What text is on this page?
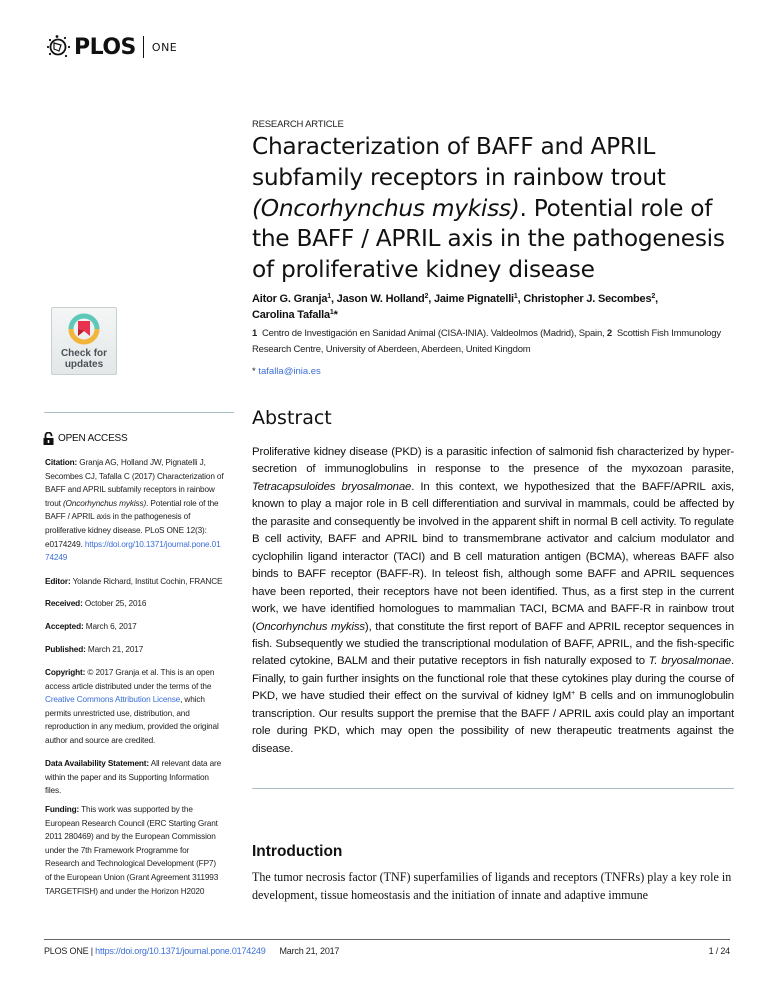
PLOS ONE
RESEARCH ARTICLE
Characterization of BAFF and APRIL subfamily receptors in rainbow trout (Oncorhynchus mykiss). Potential role of the BAFF / APRIL axis in the pathogenesis of proliferative kidney disease
Aitor G. Granja$^1$, Jason W. Holland$^2$, Jaime Pignatelli$^1$, Christopher J. Secombes$^2$,
Carolina Tafalla$^1$*
1 Centro de Investigación en Sanidad Animal (CISA-INIA). Valdeolmos (Madrid), Spain, 2 Scottish Fish Immunology Research Centre, University of Aberdeen, Aberdeen, United Kingdom
* tafalla@inia.es
Check for
updates
OPEN ACCESS
Citation: Granja AG, Holland JW, Pignatelli J, Secombes CJ, Tafalla C (2017) Characterization of BAFF and APRIL subfamily receptors in rainbow trout (Oncorhynchus mykiss). Potential role of the BAFF / APRIL axis in the pathogenesis of proliferative kidney disease. PLoS ONE 12(3): e0174249. https://doi.org/10.1371/journal.pone.0174249
Editor: Yolande Richard, Institut Cochin, FRANCE
Received: October 25, 2016
Accepted: March 6, 2017
Published: March 21, 2017
Copyright: © 2017 Granja et al. This is an open access article distributed under the terms of the Creative Commons Attribution License, which permits unrestricted use, distribution, and reproduction in any medium, provided the original author and source are credited.
Data Availability Statement: All relevant data are within the paper and its Supporting Information files.
Funding: This work was supported by the European Research Council (ERC Starting Grant 2011 280469) and by the European Commission under the 7th Framework Programme for Research and Technological Development (FP7) of the European Union (Grant Agreement 311993 TARGETFISH) and under the Horizon H2020
Abstract
Proliferative kidney disease (PKD) is a parasitic infection of salmonid fish characterized by hyper-secretion of immunoglobulins in response to the presence of the myxozoan parasite, Tetracapsuloides bryosalmonae. In this context, we hypothesized that the BAFF/APRIL axis, known to play a major role in B cell differentiation and survival in mammals, could be affected by the parasite and consequently be involved in the apparent shift in normal B cell activity. To regulate B cell activity, BAFF and APRIL bind to transmembrane activator and calcium modulator and cyclophilin ligand interactor (TACI) and B cell maturation antigen (BCMA), whereas BAFF also binds to BAFF receptor (BAFF-R). In teleost fish, although some BAFF and APRIL sequences have been reported, their receptors have not been identified. Thus, as a first step in the current work, we have identified homologues to mammalian TACI, BCMA and BAFF-R in rainbow trout (Oncorhynchus mykiss), that constitute the first report of BAFF and APRIL receptor sequences in fish. Subsequently we studied the transcriptional modulation of BAFF, APRIL, and the fish-specific related cytokine, BALM and their putative receptors in fish naturally exposed to T. bryosalmonae. Finally, to gain further insights on the functional role that these cytokines play during the course of PKD, we have studied their effect on the survival of kidney IgM+ B cells and on immunoglobulin transcription. Our results support the premise that the BAFF / APRIL axis could play an important role during PKD, which may open the possibility of new therapeutic treatments against the disease.
Introduction
The tumor necrosis factor (TNF) superfamilies of ligands and receptors (TNFRs) play a key role in development, tissue homeostasis and the initiation of innate and adaptive immune
PLOS ONE | https://doi.org/10.1371/journal.pone.0174249 March 21, 2017	1 / 24
